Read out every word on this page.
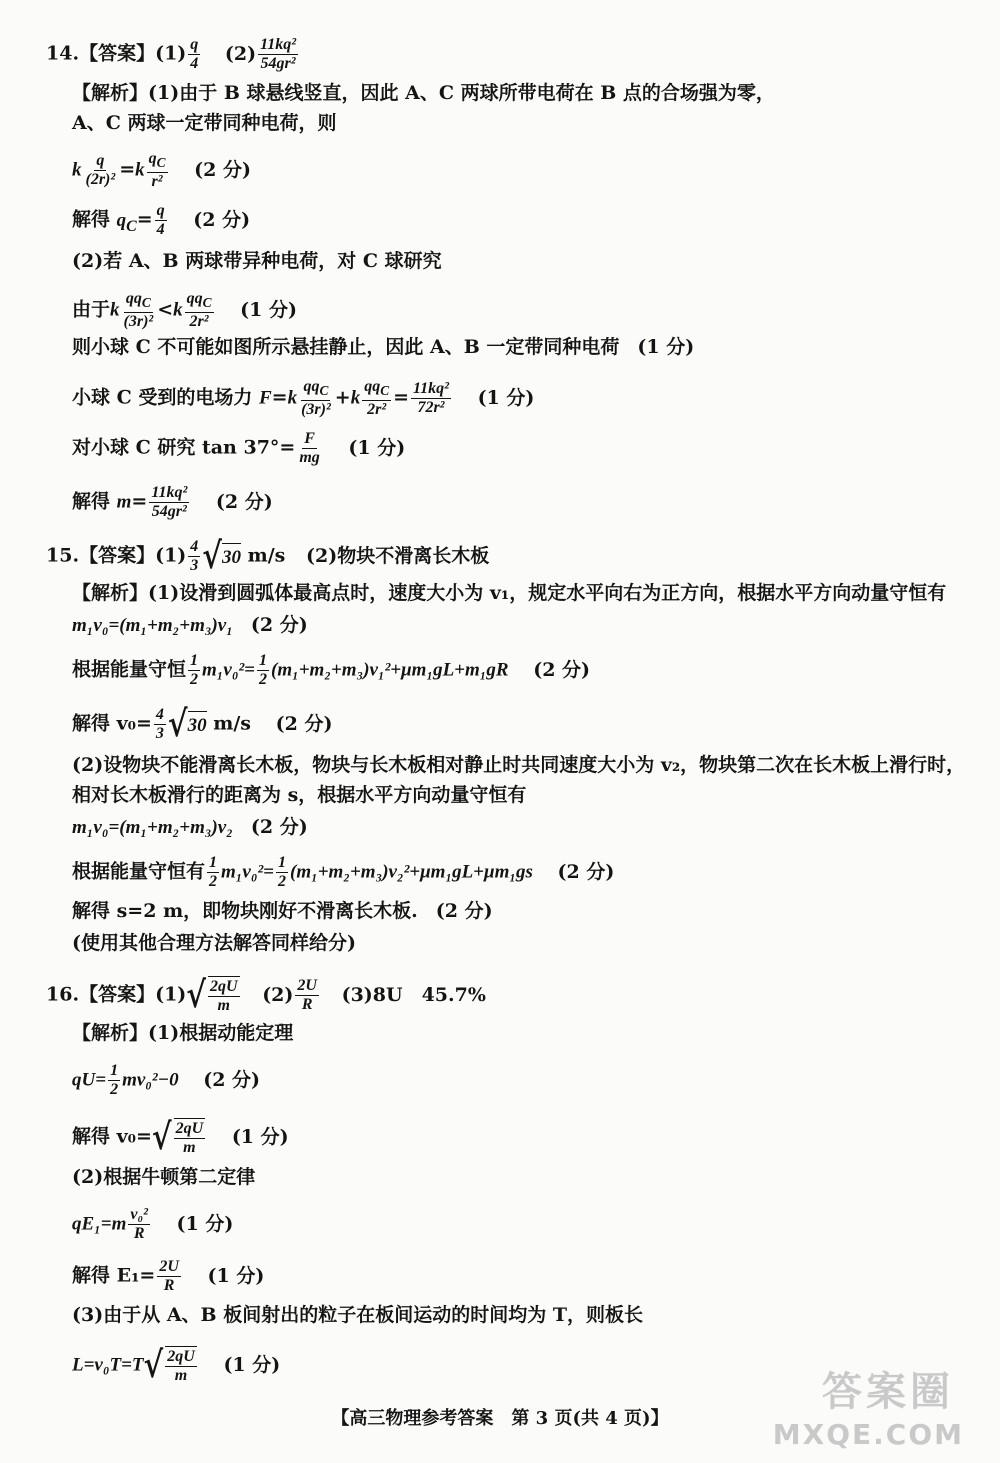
14.【答案】$(1) \frac{q}{4} (2) \frac{\text{11kq²}}{\text{54gr²}}$
【解析】(1)由于 B 球悬线竖直，因此 A、C 两球所带电荷在 B 点的合场强为零，
A、C 两球一定带同种电荷，则
k $\frac{q}{\text{(2r)²}} =k \frac{q_C}{\text{r²}} (2$ 分)
解得 $q_C= \frac{q}{4} (2$ 分)
(2)若 A、B 两球带异种电荷，对 C 球研究
由于k
$qq_C$
(3r)²
<k
$qq_C$
2r²
(1 分)
则小球 C 不可能如图所示悬挂静止，因此 A、B 一定带同种电荷 (1 分)
小球 C 受到的电场力 F=k
$qq_C$
(3r)²
+k
$qq_C$
2r²
= $\frac{\text{11kq²}}{\text{72r²}} (1$ 分)
对小球 C 研究 $\tan 37^\circ= \frac{F}{mg} (1$ 分)
解得 $m= \frac{\text{11kq²}}{\text{54gr²}} (2$ 分)
15.【答案】$(1) \frac{4}{3}$ √ 30 m/s (2)物块不滑离长木板
【解析】(1)设滑到圆弧体最高点时，速度大小为 v₁，规定水平向右为正方向，根据水平方向动量守恒有
m₁v₀=(m₁+m₂+m₃)v₁ (2 分)
根据能量守恒 $\frac{1}{2} m_1v_0^2= \frac{1}{2} (m_1+m_2+m_3)v_1^2+\mu m_1gL+m_1gR$ (2 分)
解得 $v_0= \frac{4}{3}$ √ 30 m/s (2 分)
(2)设物块不能滑离长木板，物块与长木板相对静止时共同速度大小为 v₂，物块第二次在长木板上滑行时，
相对长木板滑行的距离为 s，根据水平方向动量守恒有
m₁v₀=(m₁+m₂+m₃)v₂ (2 分)
根据能量守恒有 $\frac{1}{2} m_1v_0^2= \frac{1}{2} (m_1+m_2+m_3)v_2^2+\mu m_1gL+\mu m_1gs$ (2 分)
解得 s=2 m，即物块刚好不滑离长木板. (2 分)
(使用其他合理方法解答同样给分)
16.【答案】(1) √ 2qU
m $(2) \frac{2U}{R} (3)8U$　45.7%
【解析】(1)根据动能定理
$qU= \frac{1}{2} mv_0^2-0$ (2 分)
解得 v₀= √ 2qU
m (1 分)
(2)根据牛顿第二定律
$qE_1=m \frac{\text{v₀²}}{R} (1$ 分)
解得 $E_1= \frac{2U}{R} (1$ 分)
(3)由于从 A、B 板间射出的粒子在板间运动的时间均为 T，则板长
L=v₀T=T √ 2qU
m (1 分)
【高三物理参考答案　第 3 页(共 4 页)】
答案圈
MXQE.COM
